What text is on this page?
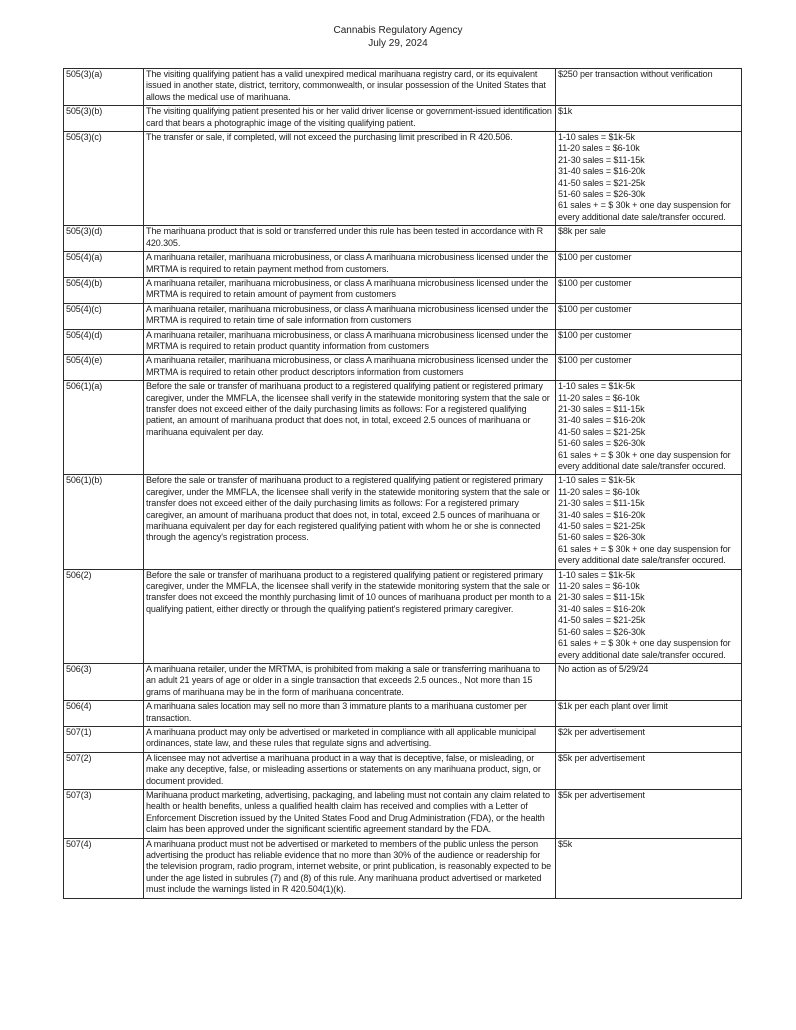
Cannabis Regulatory Agency
July 29, 2024
505(3)(a)	The visiting qualifying patient has a valid unexpired medical marihuana registry card, or its equivalent issued in another state, district, territory, commonwealth, or insular possession of the United States that allows the medical use of marihuana.	$250 per transaction without verification
505(3)(b)	The visiting qualifying patient presented his or her valid driver license or government-issued identification card that bears a photographic image of the visiting qualifying patient.	$1k
505(3)(c)	The transfer or sale, if completed, will not exceed the purchasing limit prescribed in R 420.506.	1-10 sales = $1k-5k
11-20 sales = $6-10k
21-30 sales = $11-15k
31-40 sales = $16-20k
41-50 sales = $21-25k
51-60 sales = $26-30k
61 sales + = $ 30k + one day suspension for every additional date sale/transfer occured.

505(3)(d)	The marihuana product that is sold or transferred under this rule has been tested in accordance with R 420.305.	$8k per sale
505(4)(a)	A marihuana retailer, marihuana microbusiness, or class A marihuana microbusiness licensed under the MRTMA is required to retain payment method from customers.	$100 per customer
505(4)(b)	A marihuana retailer, marihuana microbusiness, or class A marihuana microbusiness licensed under the MRTMA is required to retain amount of payment from customers	$100 per customer
505(4)(c)	A marihuana retailer, marihuana microbusiness, or class A marihuana microbusiness licensed under the MRTMA is required to retain time of sale information from customers	$100 per customer
505(4)(d)	A marihuana retailer, marihuana microbusiness, or class A marihuana microbusiness licensed under the MRTMA is required to retain product quantity information from customers	$100 per customer
505(4)(e)	A marihuana retailer, marihuana microbusiness, or class A marihuana microbusiness licensed under the MRTMA is required to retain other product descriptors information from customers	$100 per customer
506(1)(a)	Before the sale or transfer of marihuana product to a registered qualifying patient or registered primary caregiver, under the MMFLA, the licensee shall verify in the statewide monitoring system that the sale or transfer does not exceed either of the daily purchasing limits as follows: For a registered qualifying patient, an amount of marihuana product that does not, in total, exceed 2.5 ounces of marihuana or marihuana equivalent per day.	
1-10 sales = $1k-5k
11-20 sales = $6-10k
21-30 sales = $11-15k
31-40 sales = $16-20k
41-50 sales = $21-25k
51-60 sales = $26-30k
61 sales + = $ 30k + one day suspension for every additional date sale/transfer occured.

506(1)(b)	Before the sale or transfer of marihuana product to a registered qualifying patient or registered primary caregiver, under the MMFLA, the licensee shall verify in the statewide monitoring system that the sale or transfer does not exceed either of the daily purchasing limits as follows: For a registered primary caregiver, an amount of marihuana product that does not, in total, exceed 2.5 ounces of marihuana or marihuana equivalent per day for each registered qualifying patient with whom he or she is connected through the agency's registration process.	
1-10 sales = $1k-5k
11-20 sales = $6-10k
21-30 sales = $11-15k
31-40 sales = $16-20k
41-50 sales = $21-25k
51-60 sales = $26-30k
61 sales + = $ 30k + one day suspension for every additional date sale/transfer occured.

506(2)	Before the sale or transfer of marihuana product to a registered qualifying patient or registered primary caregiver, under the MMFLA, the licensee shall verify in the statewide monitoring system that the sale or transfer does not exceed the monthly purchasing limit of 10 ounces of marihuana product per month to a qualifying patient, either directly or through the qualifying patient's registered primary caregiver.	
1-10 sales = $1k-5k
11-20 sales = $6-10k
21-30 sales = $11-15k
31-40 sales = $16-20k
41-50 sales = $21-25k
51-60 sales = $26-30k
61 sales + = $ 30k + one day suspension for every additional date sale/transfer occured.

506(3)	A marihuana retailer, under the MRTMA, is prohibited from making a sale or transferring marihuana to an adult 21 years of age or older in a single transaction that exceeds 2.5 ounces., Not more than 15 grams of marihuana may be in the form of marihuana concentrate.	No action as of 5/29/24
506(4)	A marihuana sales location may sell no more than 3 immature plants to a marihuana customer per transaction.	$1k per each plant over limit
507(1)	A marihuana product may only be advertised or marketed in compliance with all applicable municipal ordinances, state law, and these rules that regulate signs and advertising.	$2k per advertisement
507(2)	A licensee may not advertise a marihuana product in a way that is deceptive, false, or misleading, or make any deceptive, false, or misleading assertions or statements on any marihuana product, sign, or document provided.	$5k per advertisement
507(3)	Marihuana product marketing, advertising, packaging, and labeling must not contain any claim related to health or health benefits, unless a qualified health claim has received and complies with a Letter of Enforcement Discretion issued by the United States Food and Drug Administration (FDA), or the health claim has been approved under the significant scientific agreement standard by the FDA.	$5k per advertisement
507(4)	A marihuana product must not be advertised or marketed to members of the public unless the person advertising the product has reliable evidence that no more than 30% of the audience or readership for the television program, radio program, internet website, or print publication, is reasonably expected to be under the age listed in subrules (7) and (8) of this rule. Any marihuana product advertised or marketed must include the warnings listed in R 420.504(1)(k).	$5k
